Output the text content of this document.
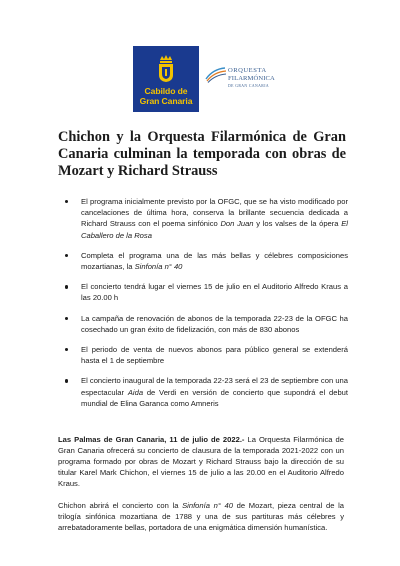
Cabildo de
Gran Canaria
ORQUESTA
FILARMÓNICA
DE GRAN CANARIA
Chichon y la Orquesta Filarmónica de Gran Canaria culminan la temporada con obras de Mozart y Richard Strauss
El programa inicialmente previsto por la OFGC, que se ha visto modificado por cancelaciones de última hora, conserva la brillante secuencia dedicada a Richard Strauss con el poema sinfónico Don Juan y los valses de la ópera El Caballero de la Rosa
Completa el programa una de las más bellas y célebres composiciones mozartianas, la Sinfonía n° 40
El concierto tendrá lugar el viernes 15 de julio en el Auditorio Alfredo Kraus a las 20.00 h
La campaña de renovación de abonos de la temporada 22-23 de la OFGC ha cosechado un gran éxito de fidelización, con más de 830 abonos
El periodo de venta de nuevos abonos para público general se extenderá hasta el 1 de septiembre
El concierto inaugural de la temporada 22-23 será el 23 de septiembre con una espectacular Aida de Verdi en versión de concierto que supondrá el debut mundial de Elina Garanca como Amneris

Las Palmas de Gran Canaria, 11 de julio de 2022.- La Orquesta Filarmónica de Gran Canaria ofrecerá su concierto de clausura de la temporada 2021-2022 con un programa formado por obras de Mozart y Richard Strauss bajo la dirección de su titular Karel Mark Chichon, el viernes 15 de julio a las 20.00 en el Auditorio Alfredo Kraus.

Chichon abrirá el concierto con la Sinfonía n° 40 de Mozart, pieza central de la trilogía sinfónica mozartiana de 1788 y una de sus partituras más célebres y arrebatadoramente bellas, portadora de una enigmática dimensión humanística.
